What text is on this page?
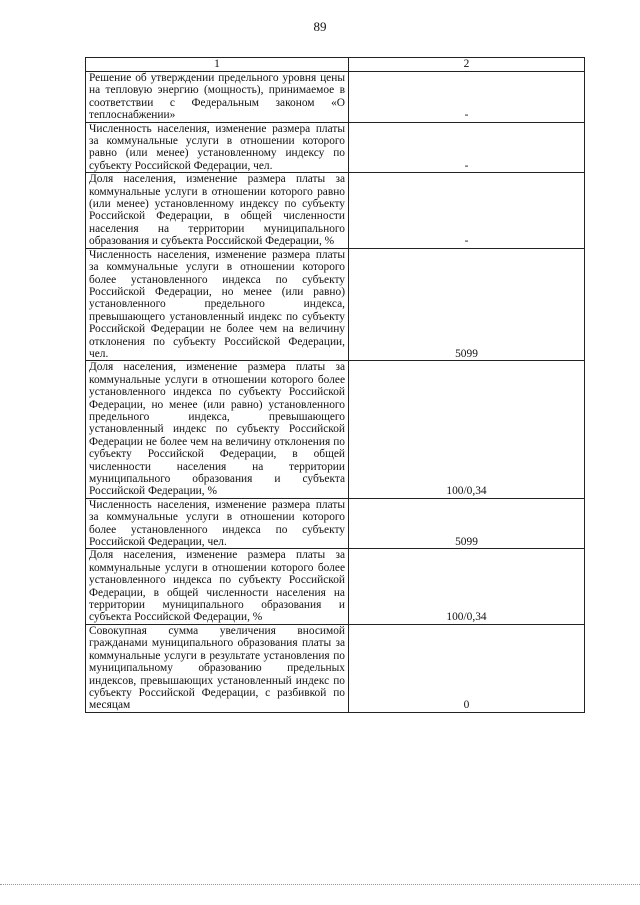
89
1	2
Решение об утверждении предельного уровня цены на тепловую энергию (мощность), принимаемое в соответствии с Федеральным законом «О теплоснабжении»	-
Численность населения, изменение размера платы за коммунальные услуги в отношении которого равно (или менее) установленному индексу по субъекту Российской Федерации, чел.	-
Доля населения, изменение размера платы за коммунальные услуги в отношении которого равно (или менее) установленному индексу по субъекту Российской Федерации, в общей численности населения на территории муниципального образования и субъекта Российской Федерации, %	-
Численность населения, изменение размера платы за коммунальные услуги в отношении которого более установленного индекса по субъекту Российской Федерации, но менее (или равно) установленного предельного индекса, превышающего установленный индекс по субъекту Российской Федерации не более чем на величину отклонения по субъекту Российской Федерации, чел.	5099
Доля населения, изменение размера платы за коммунальные услуги в отношении которого более установленного индекса по субъекту Российской Федерации, но менее (или равно) установленного предельного индекса, превышающего установленный индекс по субъекту Российской Федерации не более чем на величину отклонения по субъекту Российской Федерации, в общей численности населения на территории муниципального образования и субъекта Российской Федерации, %	100/0,34
Численность населения, изменение размера платы за коммунальные услуги в отношении которого более установленного индекса по субъекту Российской Федерации, чел.	5099
Доля населения, изменение размера платы за коммунальные услуги в отношении которого более установленного индекса по субъекту Российской Федерации, в общей численности населения на территории муниципального образования и субъекта Российской Федерации, %	100/0,34
Совокупная сумма увеличения вносимой гражданами муниципального образования платы за коммунальные услуги в результате установления по муниципальному образованию предельных индексов, превышающих установленный индекс по субъекту Российской Федерации, с разбивкой по месяцам	0
